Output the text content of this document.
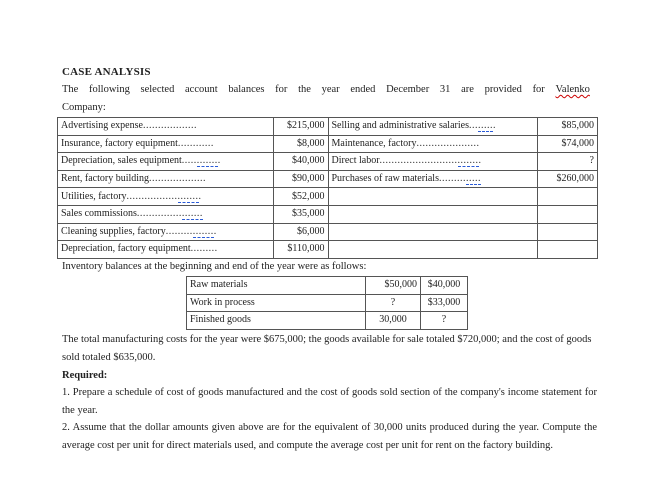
CASE ANALYSIS
The following selected account balances for the year ended December 31 are provided for Valenko
Company:
Advertising expense..................	$215,000	Selling and administrative salaries.........	$85,000
Insurance, factory equipment............	$8,000	Maintenance, factory.....................	$74,000
Depreciation, sales equipment.............	$40,000	Direct labor..................................	?
Rent, factory building...................	$90,000	Purchases of raw materials..............	$260,000
Utilities, factory.........................	$52,000		
Sales commissions......................	$35,000		
Cleaning supplies, factory.................	$6,000		
Depreciation, factory equipment.........	$110,000		
Inventory balances at the beginning and end of the year were as follows:
Raw materials	$50,000	$40,000
Work in process	?	$33,000
Finished goods	30,000	?
The total manufacturing costs for the year were $675,000; the goods available for sale totaled $720,000; and the cost of goods sold totaled $635,000.
Required:
1. Prepare a schedule of cost of goods manufactured and the cost of goods sold section of the company's income statement for the year.
2. Assume that the dollar amounts given above are for the equivalent of 30,000 units produced during the year. Compute the average cost per unit for direct materials used, and compute the average cost per unit for rent on the factory building.
